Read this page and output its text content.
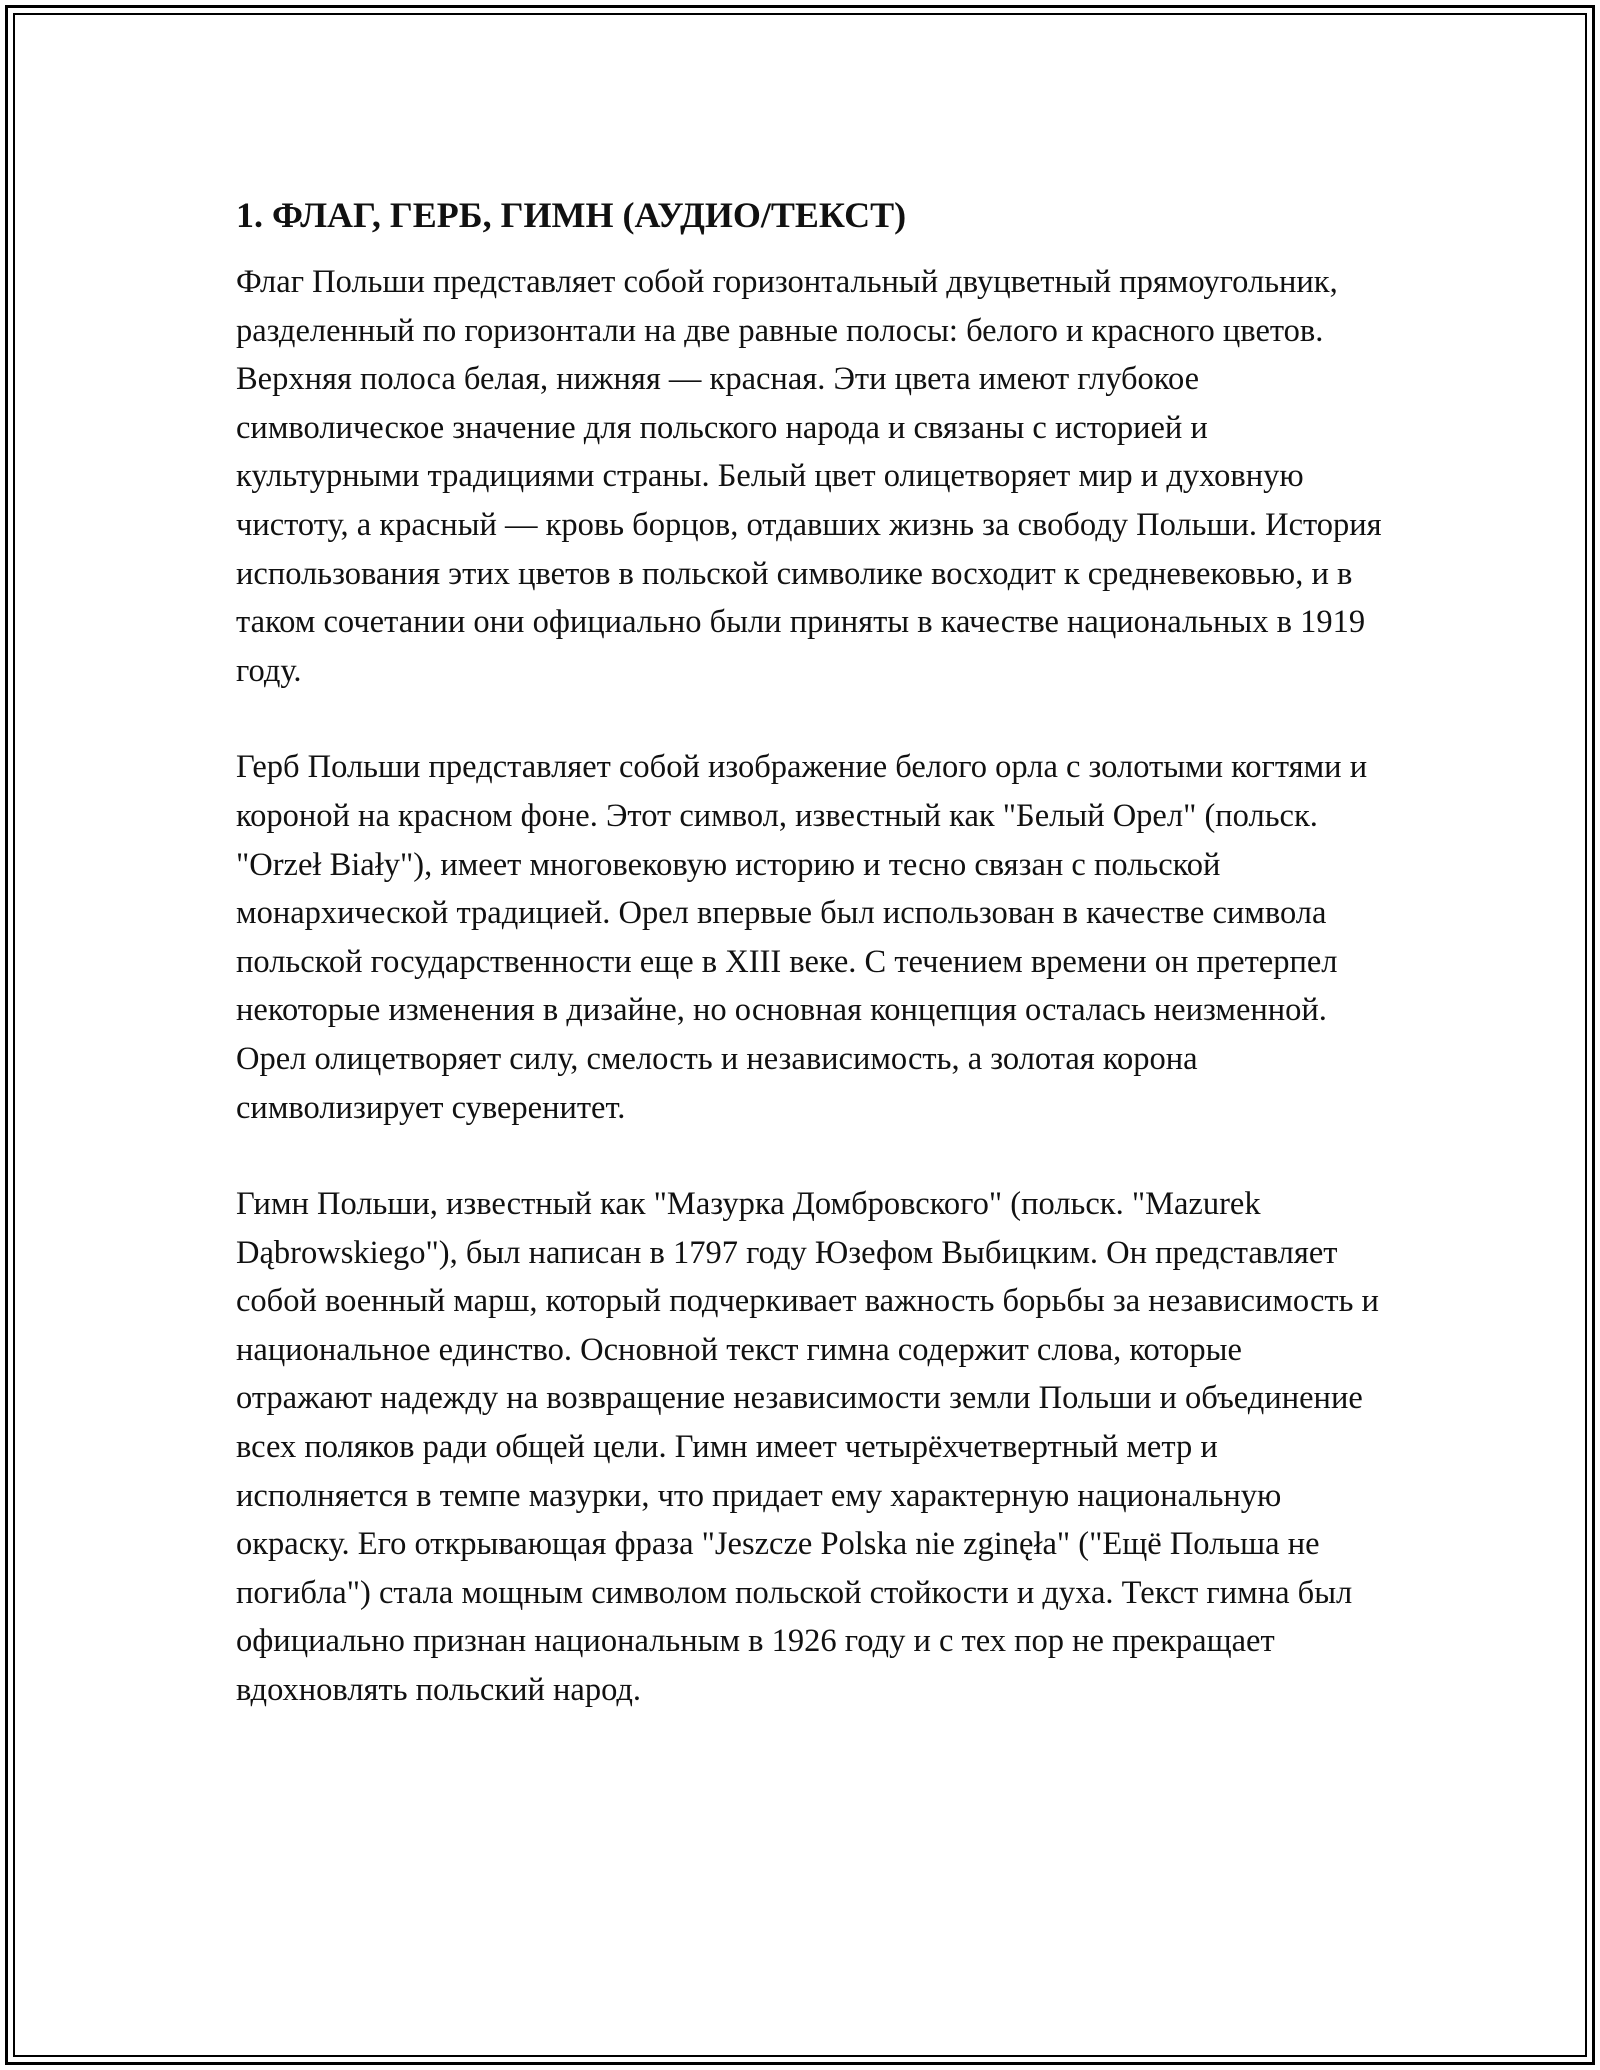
1. ФЛАГ, ГЕРБ, ГИМН (АУДИО/ТЕКСТ)

Флаг Польши представляет собой горизонтальный двуцветный прямоугольник, разделенный по горизонтали на две равные полосы: белого и красного цветов. Верхняя полоса белая, нижняя — красная. Эти цвета имеют глубокое символическое значение для польского народа и связаны с историей и культурными традициями страны. Белый цвет олицетворяет мир и духовную чистоту, а красный — кровь борцов, отдавших жизнь за свободу Польши. История использования этих цветов в польской символике восходит к средневековью, и в таком сочетании они официально были приняты в качестве национальных в 1919 году.

Герб Польши представляет собой изображение белого орла с золотыми когтями и короной на красном фоне. Этот символ, известный как "Белый Орел" (польск. "Orzeł Biały"), имеет многовековую историю и тесно связан с польской монархической традицией. Орел впервые был использован в качестве символа польской государственности еще в XIII веке. С течением времени он претерпел некоторые изменения в дизайне, но основная концепция осталась неизменной. Орел олицетворяет силу, смелость и независимость, а золотая корона символизирует суверенитет.

Гимн Польши, известный как "Мазурка Домбровского" (польск. "Mazurek Dąbrowskiego"), был написан в 1797 году Юзефом Выбицким. Он представляет собой военный марш, который подчеркивает важность борьбы за независимость и национальное единство. Основной текст гимна содержит слова, которые отражают надежду на возвращение независимости земли Польши и объединение всех поляков ради общей цели. Гимн имеет четырёхчетвертный метр и исполняется в темпе мазурки, что придает ему характерную национальную окраску. Его открывающая фраза "Jeszcze Polska nie zginęła" ("Ещё Польша не погибла") стала мощным символом польской стойкости и духа. Текст гимна был официально признан национальным в 1926 году и с тех пор не прекращает вдохновлять польский народ.
